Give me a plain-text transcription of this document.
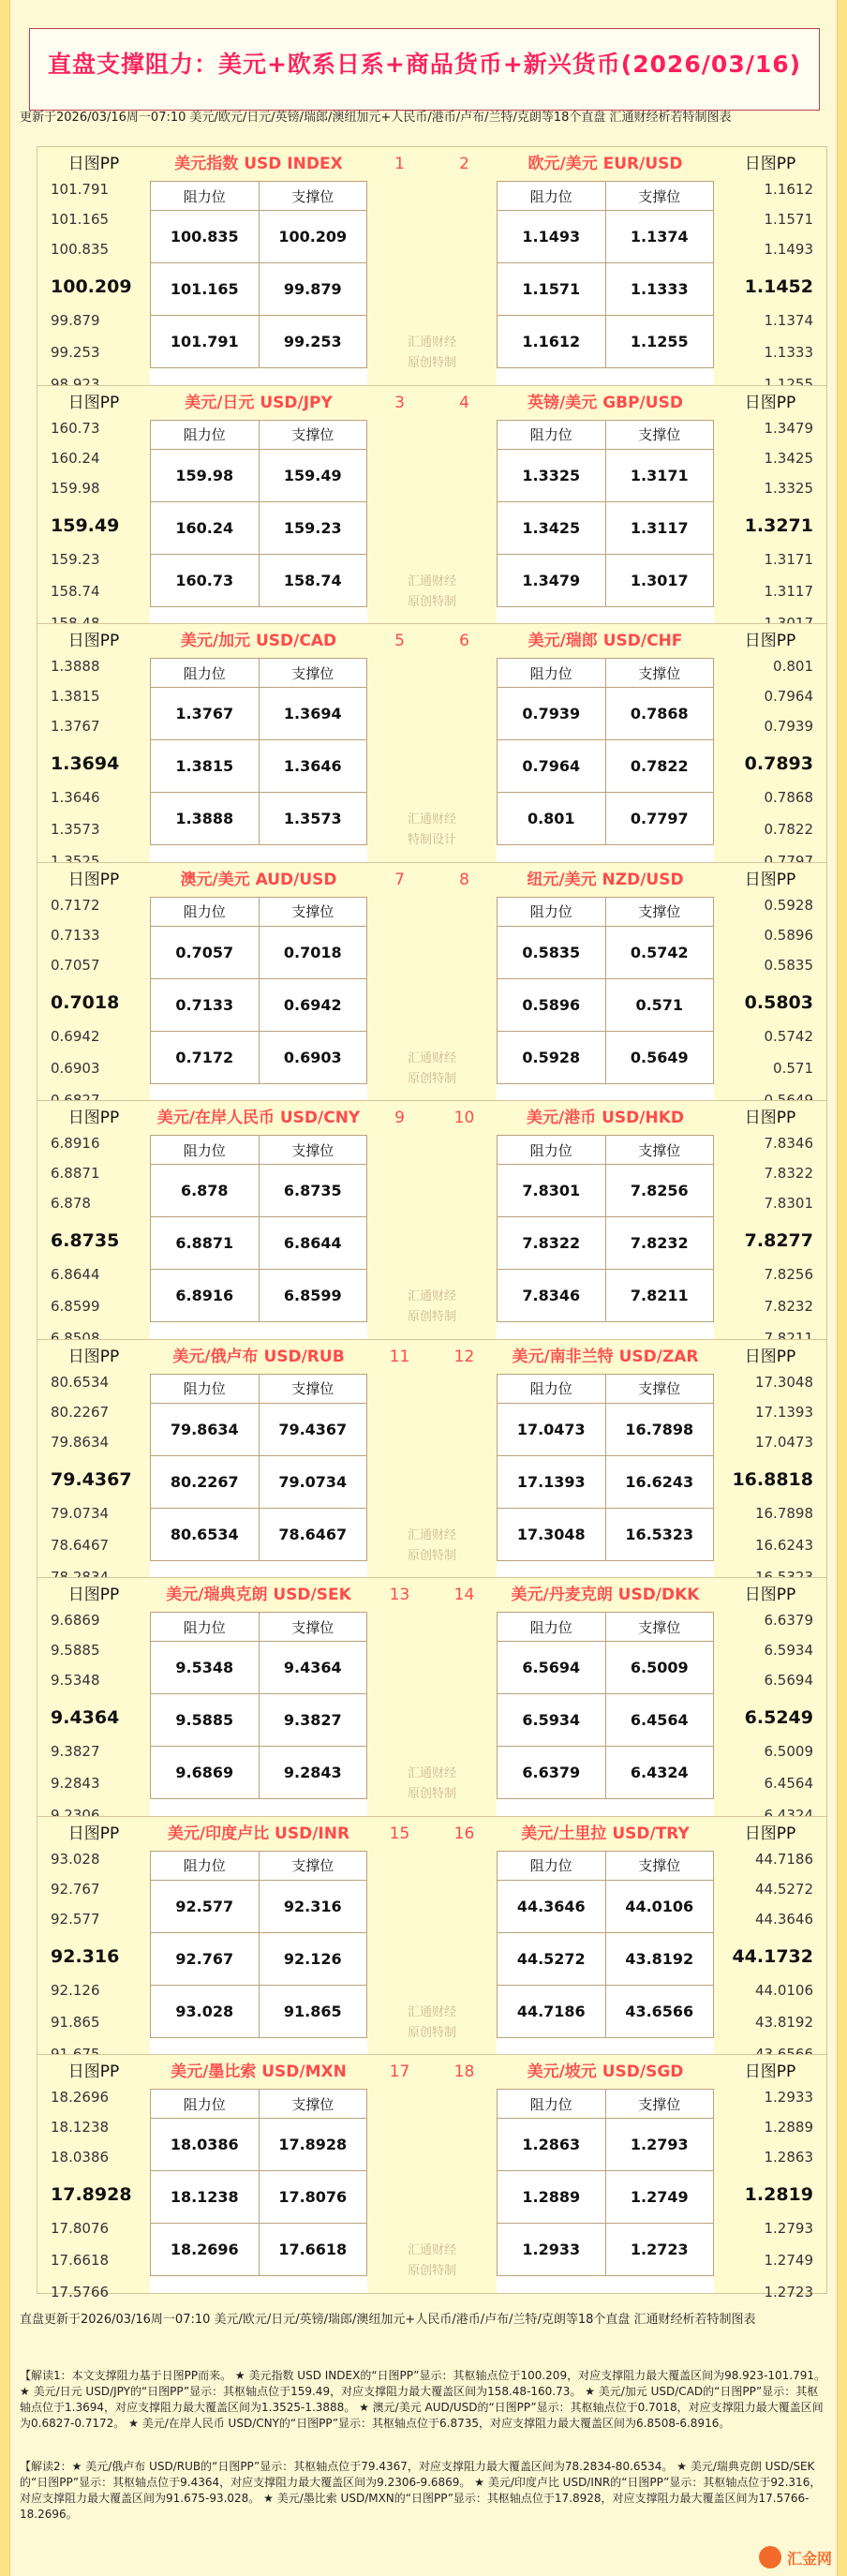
直盘支撑阻力：美元+欧系日系+商品货币+新兴货币(2026/03/16)
更新于2026/03/16周一07:10 美元/欧元/日元/英镑/瑞郎/澳纽加元+人民币/港币/卢布/兰特/克朗等18个直盘 汇通财经析若特制图表
日图PP
101.791
101.165
100.835
100.209
99.879
99.253
日图PP
1.1612
1.1571
1.1493
1.1452
1.1374
1.1333
美元指数 USD INDEX	欧元/美元 EUR/USD
阻力位	支撑位
100.835	100.209
101.165	99.879
101.791	99.253
阻力位	支撑位
1.1493	1.1374
1.1571	1.1333
1.1612	1.1255
1	2
汇通财经
原创特制
日图PP
160.73
160.24
159.98
159.49
159.23
158.74
日图PP
1.3479
1.3425
1.3325
1.3271
1.3171
1.3117
美元/日元 USD/JPY	英镑/美元 GBP/USD
阻力位	支撑位
159.98	159.49
160.24	159.23
160.73	158.74
阻力位	支撑位
1.3325	1.3171
1.3425	1.3117
1.3479	1.3017
3	4
汇通财经
原创特制
日图PP
1.3888
1.3815
1.3767
1.3694
1.3646
1.3573
日图PP
0.801
0.7964
0.7939
0.7893
0.7868
0.7822
美元/加元 USD/CAD	美元/瑞郎 USD/CHF
阻力位	支撑位
1.3767	1.3694
1.3815	1.3646
1.3888	1.3573
阻力位	支撑位
0.7939	0.7868
0.7964	0.7822
0.801	0.7797
5	6
汇通财经
特制设计
日图PP
0.7172
0.7133
0.7057
0.7018
0.6942
0.6903
日图PP
0.5928
0.5896
0.5835
0.5803
0.5742
0.571
澳元/美元 AUD/USD	纽元/美元 NZD/USD
阻力位	支撑位
0.7057	0.7018
0.7133	0.6942
0.7172	0.6903
阻力位	支撑位
0.5835	0.5742
0.5896	0.571
0.5928	0.5649
7	8
汇通财经
原创特制
日图PP
6.8916
6.8871
6.878
6.8735
6.8644
6.8599
日图PP
7.8346
7.8322
7.8301
7.8277
7.8256
7.8232
美元/在岸人民币 USD/CNY	美元/港币 USD/HKD
阻力位	支撑位
6.878	6.8735
6.8871	6.8644
6.8916	6.8599
阻力位	支撑位
7.8301	7.8256
7.8322	7.8232
7.8346	7.8211
9	10
汇通财经
原创特制
日图PP
80.6534
80.2267
79.8634
79.4367
79.0734
78.6467
日图PP
17.3048
17.1393
17.0473
16.8818
16.7898
16.6243
美元/俄卢布 USD/RUB	美元/南非兰特 USD/ZAR
阻力位	支撑位
79.8634	79.4367
80.2267	79.0734
80.6534	78.6467
阻力位	支撑位
17.0473	16.7898
17.1393	16.6243
17.3048	16.5323
11	12
汇通财经
原创特制
日图PP
9.6869
9.5885
9.5348
9.4364
9.3827
9.2843
日图PP
6.6379
6.5934
6.5694
6.5249
6.5009
6.4564
美元/瑞典克朗 USD/SEK	美元/丹麦克朗 USD/DKK
阻力位	支撑位
9.5348	9.4364
9.5885	9.3827
9.6869	9.2843
阻力位	支撑位
6.5694	6.5009
6.5934	6.4564
6.6379	6.4324
13	14
汇通财经
原创特制
日图PP
93.028
92.767
92.577
92.316
92.126
91.865
日图PP
44.7186
44.5272
44.3646
44.1732
44.0106
43.8192
美元/印度卢比 USD/INR	美元/土里拉 USD/TRY
阻力位	支撑位
92.577	92.316
92.767	92.126
93.028	91.865
阻力位	支撑位
44.3646	44.0106
44.5272	43.8192
44.7186	43.6566
15	16
汇通财经
原创特制
日图PP
18.2696
18.1238
18.0386
17.8928
17.8076
17.6618
17.5766
日图PP
1.2933
1.2889
1.2863
1.2819
1.2793
1.2749
1.2723
美元/墨比索 USD/MXN	美元/坡元 USD/SGD
阻力位	支撑位
18.0386	17.8928
18.1238	17.8076
18.2696	17.6618
阻力位	支撑位
1.2863	1.2793
1.2889	1.2749
1.2933	1.2723
17	18
汇通财经
原创特制
直盘更新于2026/03/16周一07:10 美元/欧元/日元/英镑/瑞郎/澳纽加元+人民币/港币/卢布/兰特/克朗等18个直盘 汇通财经析若特制图表
【解读1：本文支撑阻力基于日图PP而来。 ★ 美元指数 USD INDEX的“日图PP”显示：其枢轴点位于100.209，对应支撑阻力最大覆盖区间为98.923-101.791。 ★ 美元/日元 USD/JPY的“日图PP”显示：其枢轴点位于159.49，对应支撑阻力最大覆盖区间为158.48-160.73。 ★ 美元/加元 USD/CAD的“日图PP”显示：其枢轴点位于1.3694，对应支撑阻力最大覆盖区间为1.3525-1.3888。 ★ 澳元/美元 AUD/USD的“日图PP”显示：其枢轴点位于0.7018，对应支撑阻力最大覆盖区间为0.6827-0.7172。 ★ 美元/在岸人民币 USD/CNY的“日图PP”显示：其枢轴点位于6.8735，对应支撑阻力最大覆盖区间为6.8508-6.8916。
【解读2：★ 美元/俄卢布 USD/RUB的“日图PP”显示：其枢轴点位于79.4367，对应支撑阻力最大覆盖区间为78.2834-80.6534。 ★ 美元/瑞典克朗 USD/SEK的“日图PP”显示：其枢轴点位于9.4364，对应支撑阻力最大覆盖区间为9.2306-9.6869。 ★ 美元/印度卢比 USD/INR的“日图PP”显示：其枢轴点位于92.316，对应支撑阻力最大覆盖区间为91.675-93.028。 ★ 美元/墨比索 USD/MXN的“日图PP”显示：其枢轴点位于17.8928，对应支撑阻力最大覆盖区间为17.5766-18.2696。
汇金网
